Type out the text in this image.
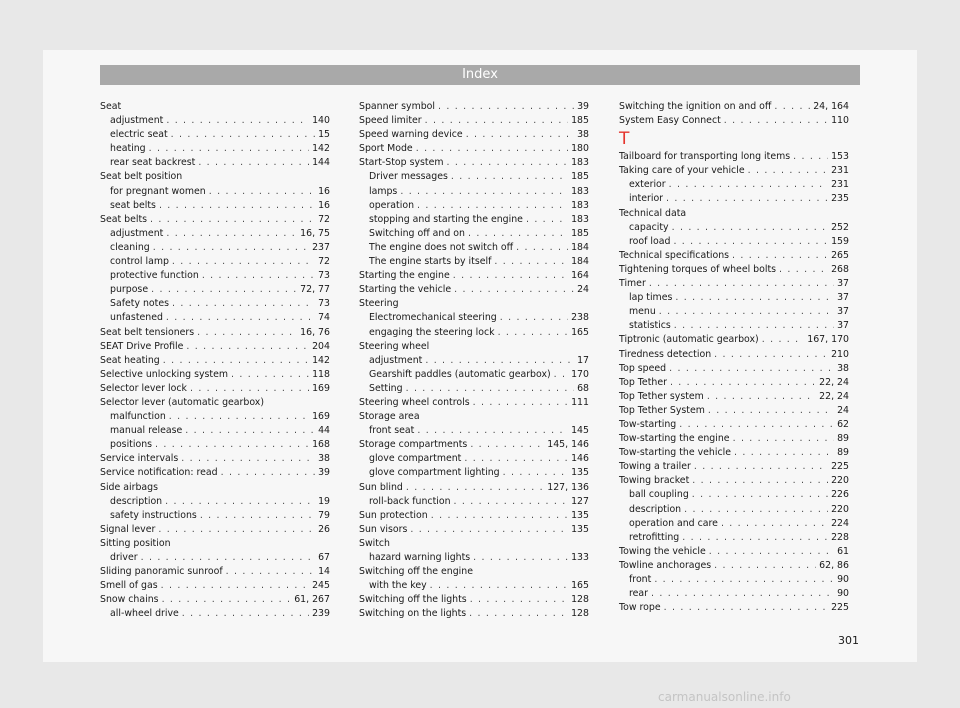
Index
Seat
adjustment . . .	140
electric seat . . .	15
heating . . .	142
rear seat backrest . . .	144
Seat belt position
for pregnant women . . .	16
seat belts . . .	16
Seat belts . . .	72
adjustment . . .	16, 75
cleaning . . .	237
control lamp . . .	72
protective function . . .	73
purpose . . .	72, 77
Safety notes . . .	73
unfastened . . .	74
Seat belt tensioners . . .	16, 76
SEAT Drive Profile . . .	204
Seat heating . . .	142
Selective unlocking system . . .	118
Selector lever lock . . .	169
Selector lever (automatic gearbox)
malfunction . . .	169
manual release . . .	44
positions . . .	168
Service intervals . . .	38
Service notification: read . . .	39
Side airbags
description . . .	19
safety instructions . . .	79
Signal lever . . .	26
Sitting position
driver . . .	67
Sliding panoramic sunroof . . .	14
Smell of gas . . .	245
Snow chains . . .	61, 267
all-wheel drive . . .	239
Spanner symbol . . .	39
Speed limiter . . .	185
Speed warning device . . .	38
Sport Mode . . .	180
Start-Stop system . . .	183
Driver messages . . .	185
lamps . . .	183
operation . . .	183
stopping and starting the engine . . .	183
Switching off and on . . .	185
The engine does not switch off . . .	184
The engine starts by itself . . .	184
Starting the engine . . .	164
Starting the vehicle . . .	24
Steering
Electromechanical steering . . .	238
engaging the steering lock . . .	165
Steering wheel
adjustment . . .	17
Gearshift paddles (automatic gearbox) . . . 170
Setting . . .	68
Steering wheel controls . . .	111
Storage area
front seat . . .	145
Storage compartments . . .	145, 146
glove compartment . . .	146
glove compartment lighting . . .	135
Sun blind . . .	127, 136
roll-back function . . .	127
Sun protection . . .	135
Sun visors . . .	135
Switch
hazard warning lights . . .	133
Switching off the engine
with the key . . .	165
Switching off the lights . . .	128
Switching on the lights . . .	128
Switching the ignition on and off . . .	24, 164
System Easy Connect . . .	110
T
Tailboard for transporting long items . . .	153
Taking care of your vehicle . . .	231
exterior . . .	231
interior . . .	235
Technical data
capacity . . .	252
roof load . . .	159
Technical specifications . . .	265
Tightening torques of wheel bolts . . .	268
Timer . . .	37
lap times . . .	37
menu . . .	37
statistics . . .	37
Tiptronic (automatic gearbox) . . .	167, 170
Tiredness detection . . .	210
Top speed . . .	38
Top Tether . . .	22, 24
Top Tether system . . .	22, 24
Top Tether System . . .	24
Tow-starting . . .	62
Tow-starting the engine . . .	89
Tow-starting the vehicle . . .	89
Towing a trailer . . .	225
Towing bracket . . .	220
ball coupling . . .	226
description . . .	220
operation and care . . .	224
retrofitting . . .	228
Towing the vehicle . . .	61
Towline anchorages . . .	62, 86
front . . .	90
rear . . .	90
Tow rope . . .	225
301
carmanualsonline.info
